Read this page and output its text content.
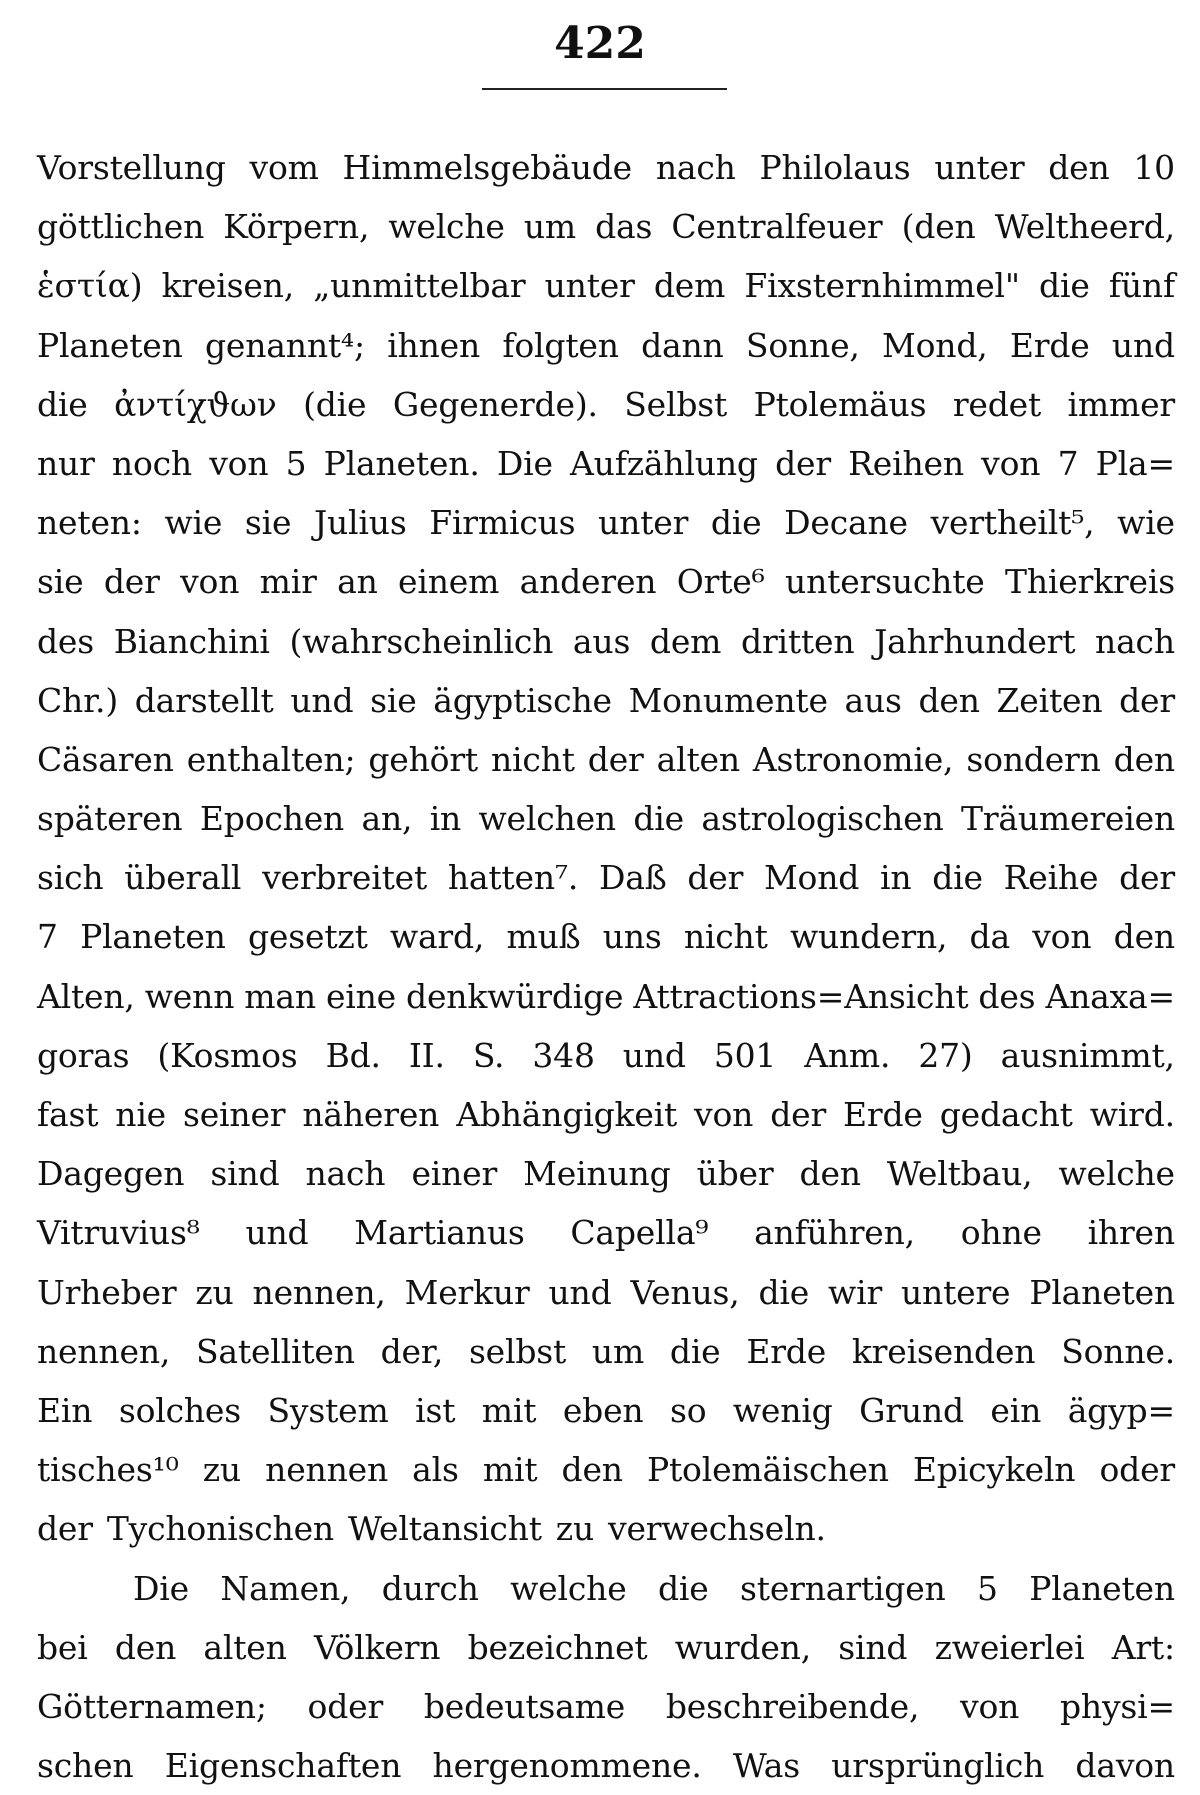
422
Vorstellung vom Himmelsgebäude nach Philolaus unter den 10
göttlichen Körpern, welche um das Centralfeuer (den Weltheerd,
ἑστία) kreisen, „unmittelbar unter dem Fixsternhimmel" die fünf
Planeten genannt⁴; ihnen folgten dann Sonne, Mond, Erde und
die ἀντίχϑων (die Gegenerde). Selbst Ptolemäus redet immer
nur noch von 5 Planeten. Die Aufzählung der Reihen von 7 Pla=
neten: wie sie Julius Firmicus unter die Decane vertheilt⁵, wie
sie der von mir an einem anderen Orte⁶ untersuchte Thierkreis
des Bianchini (wahrscheinlich aus dem dritten Jahrhundert nach
Chr.) darstellt und sie ägyptische Monumente aus den Zeiten der
Cäsaren enthalten; gehört nicht der alten Astronomie, sondern den
späteren Epochen an, in welchen die astrologischen Träumereien
sich überall verbreitet hatten⁷. Daß der Mond in die Reihe der
7 Planeten gesetzt ward, muß uns nicht wundern, da von den
Alten, wenn man eine denkwürdige Attractions=Ansicht des Anaxa=
goras (Kosmos Bd. II. S. 348 und 501 Anm. 27) ausnimmt,
fast nie seiner näheren Abhängigkeit von der Erde gedacht wird.
Dagegen sind nach einer Meinung über den Weltbau, welche
Vitruvius⁸ und Martianus Capella⁹ anführen, ohne ihren
Urheber zu nennen, Merkur und Venus, die wir untere Planeten
nennen, Satelliten der, selbst um die Erde kreisenden Sonne.
Ein solches System ist mit eben so wenig Grund ein ägyp=
tisches¹⁰ zu nennen als mit den Ptolemäischen Epicykeln oder
der Tychonischen Weltansicht zu verwechseln.
Die Namen, durch welche die sternartigen 5 Planeten
bei den alten Völkern bezeichnet wurden, sind zweierlei Art:
Götternamen; oder bedeutsame beschreibende, von physi=
schen Eigenschaften hergenommene. Was ursprünglich davon
